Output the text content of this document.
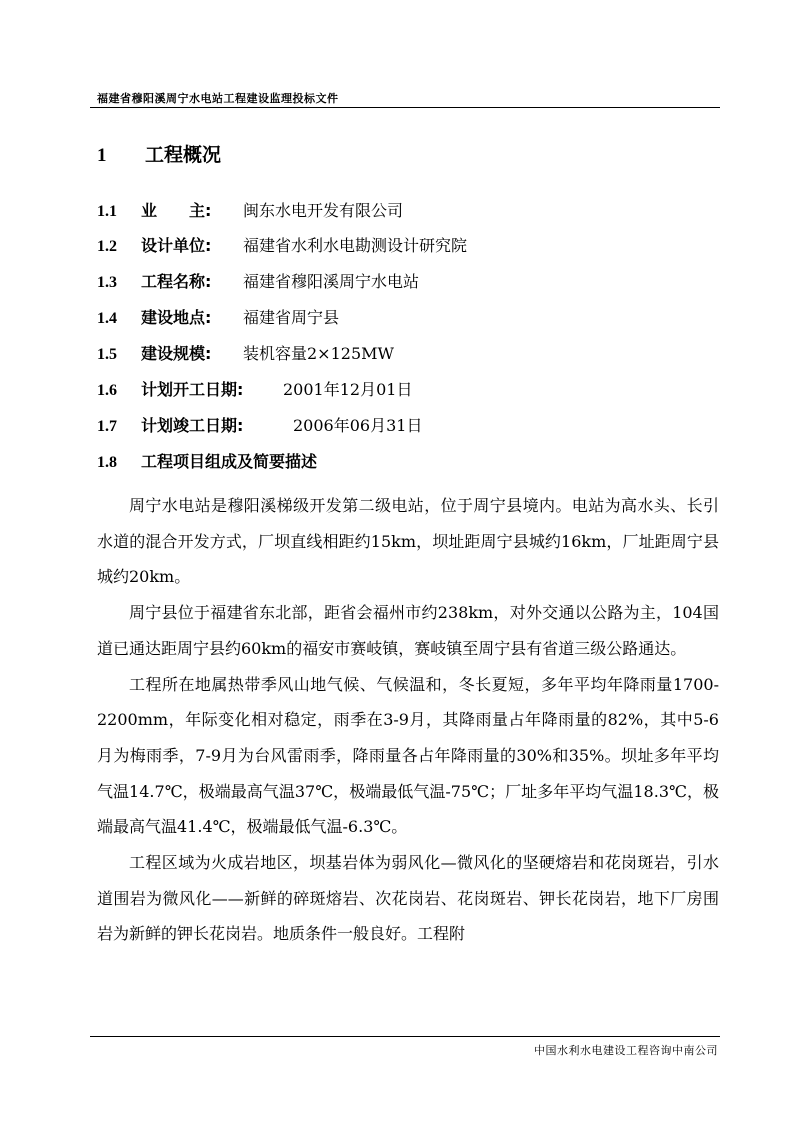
福建省穆阳溪周宁水电站工程建设监理投标文件
1 工程概况
1.1 业　　主: 闽东水电开发有限公司
1.2 设计单位: 福建省水利水电勘测设计研究院
1.3 工程名称: 福建省穆阳溪周宁水电站
1.4 建设地点: 福建省周宁县
1.5 建设规模: 装机容量2×125MW
1.6 计划开工日期: 2001年12月01日
1.7 计划竣工日期:	2006年06月31日
1.8 工程项目组成及简要描述

周宁水电站是穆阳溪梯级开发第二级电站，位于周宁县境内。电站为高水头、长引水道的混合开发方式，厂坝直线相距约15km，坝址距周宁县城约16km，厂址距周宁县城约20km。

周宁县位于福建省东北部，距省会福州市约238km，对外交通以公路为主，104国道已通达距周宁县约60km的福安市赛岐镇，赛岐镇至周宁县有省道三级公路通达。

工程所在地属热带季风山地气候、气候温和，冬长夏短，多年平均年降雨量1700-2200mm，年际变化相对稳定，雨季在3-9月，其降雨量占年降雨量的82%，其中5-6月为梅雨季，7-9月为台风雷雨季，降雨量各占年降雨量的30%和35%。坝址多年平均气温14.7℃，极端最高气温37℃，极端最低气温-75℃；厂址多年平均气温18.3℃，极端最高气温41.4℃，极端最低气温-6.3℃。

工程区域为火成岩地区，坝基岩体为弱风化—微风化的坚硬熔岩和花岗斑岩，引水道围岩为微风化——新鲜的碎斑熔岩、次花岗岩、花岗斑岩、钾长花岗岩，地下厂房围岩为新鲜的钾长花岗岩。地质条件一般良好。工程附

中国水利水电建设工程咨询中南公司
